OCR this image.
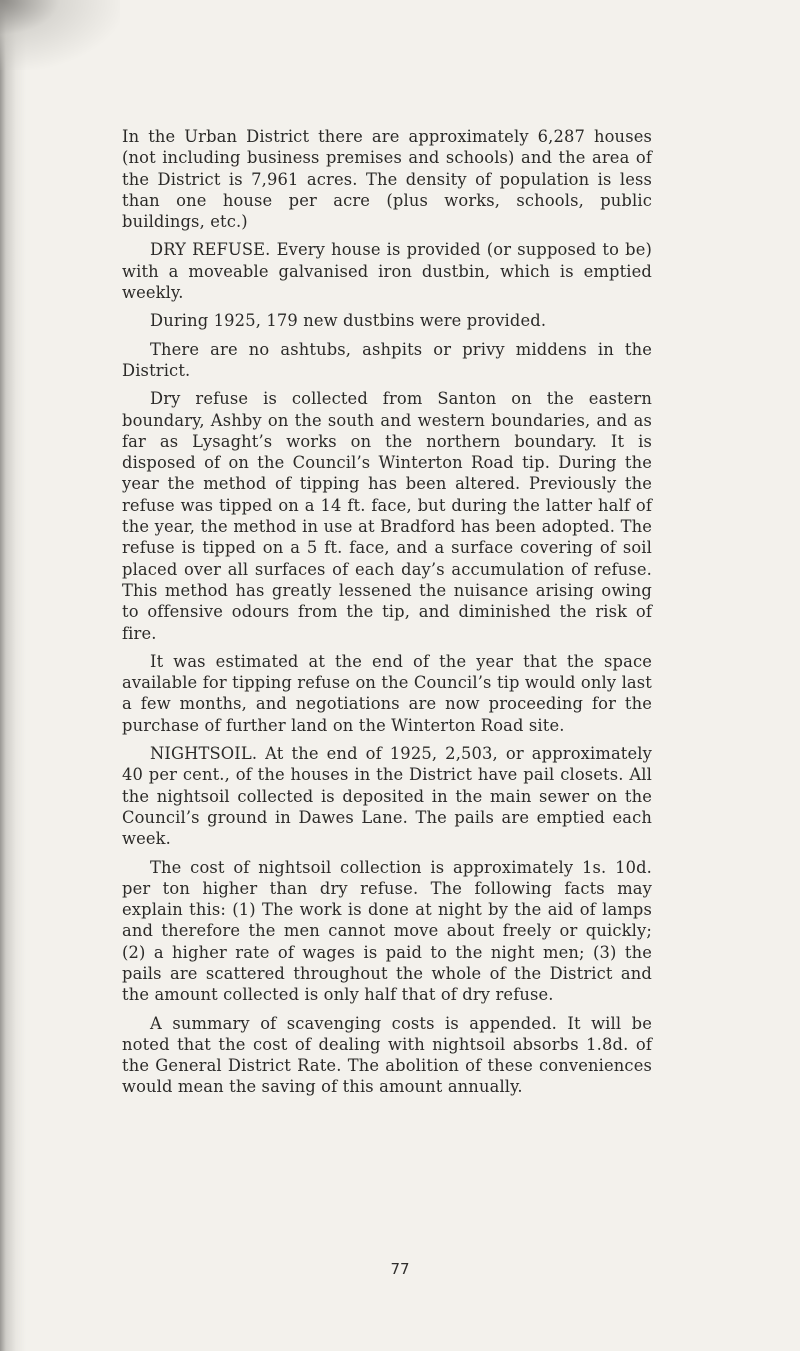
In the Urban District there are approximately 6,287 houses (not including business premises and schools) and the area of the District is 7,961 acres. The density of population is less than one house per acre (plus works, schools, public buildings, etc.)

DRY REFUSE. Every house is provided (or supposed to be) with a moveable galvanised iron dustbin, which is emptied weekly.

During 1925, 179 new dustbins were provided.

There are no ashtubs, ashpits or privy middens in the District.

Dry refuse is collected from Santon on the eastern boundary, Ashby on the south and western boundaries, and as far as Lysaght’s works on the northern boundary. It is disposed of on the Council’s Winterton Road tip. During the year the method of tipping has been altered. Previously the refuse was tipped on a 14 ft. face, but during the latter half of the year, the method in use at Bradford has been adopted. The refuse is tipped on a 5 ft. face, and a surface covering of soil placed over all surfaces of each day’s accumulation of refuse. This method has greatly lessened the nuisance arising owing to offensive odours from the tip, and diminished the risk of fire.

It was estimated at the end of the year that the space available for tipping refuse on the Council’s tip would only last a few months, and negotiations are now proceeding for the purchase of further land on the Winterton Road site.

NIGHTSOIL. At the end of 1925, 2,503, or approximately 40 per cent., of the houses in the District have pail closets. All the nightsoil collected is deposited in the main sewer on the Council’s ground in Dawes Lane. The pails are emptied each week.

The cost of nightsoil collection is approximately 1s. 10d. per ton higher than dry refuse. The following facts may explain this: (1) The work is done at night by the aid of lamps and therefore the men cannot move about freely or quickly; (2) a higher rate of wages is paid to the night men; (3) the pails are scattered throughout the whole of the District and the amount collected is only half that of dry refuse.

A summary of scavenging costs is appended. It will be noted that the cost of dealing with nightsoil absorbs 1.8d. of the General District Rate. The abolition of these conveniences would mean the saving of this amount annually.

77
